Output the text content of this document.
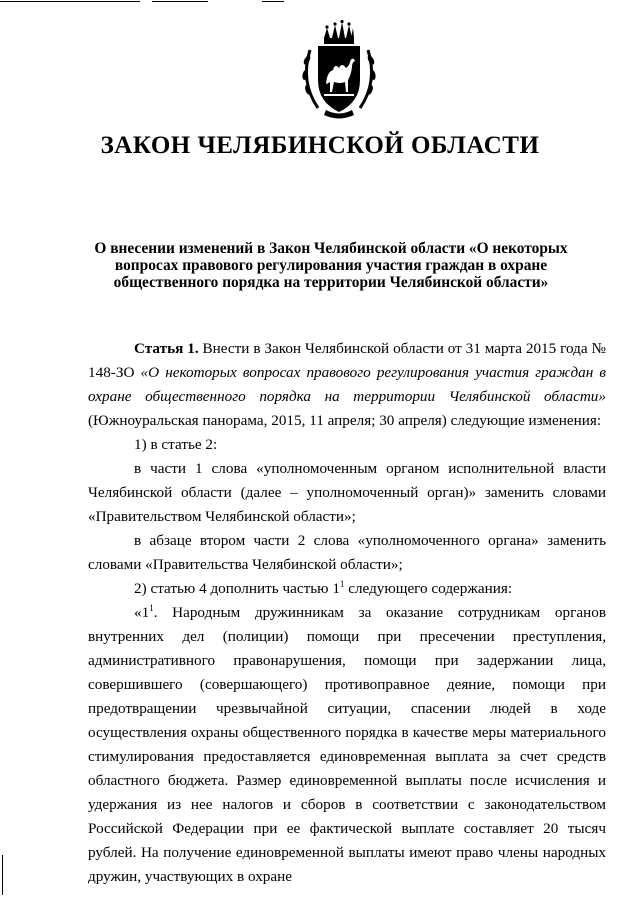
ЗАКОН ЧЕЛЯБИНСКОЙ ОБЛАСТИ
О внесении изменений в Закон Челябинской области «О некоторых вопросах правового регулирования участия граждан в охране общественного порядка на территории Челябинской области»

Статья 1. Внести в Закон Челябинской области от 31 марта 2015 года № 148-ЗО «О некоторых вопросах правового регулирования участия граждан в охране общественного порядка на территории Челябинской области» (Южноуральская панорама, 2015, 11 апреля; 30 апреля) следующие изменения:

1) в статье 2:

в части 1 слова «уполномоченным органом исполнительной власти Челябинской области (далее – уполномоченный орган)» заменить словами «Правительством Челябинской области»;

в абзаце втором части 2 слова «уполномоченного органа» заменить словами «Правительства Челябинской области»;

2) статью 4 дополнить частью $1^1$ следующего содержания:

«$1^1$. Народным дружинникам за оказание сотрудникам органов внутренних дел (полиции) помощи при пресечении преступления, административного правонарушения, помощи при задержании лица, совершившего (совершающего) противоправное деяние, помощи при предотвращении чрезвычайной ситуации, спасении людей в ходе осуществления охраны общественного порядка в качестве меры материального стимулирования предоставляется единовременная выплата за счет средств областного бюджета. Размер единовременной выплаты после исчисления и удержания из нее налогов и сборов в соответствии с законодательством Российской Федерации при ее фактической выплате составляет 20 тысяч рублей. На получение единовременной выплаты имеют право члены народных дружин, участвующих в охране
